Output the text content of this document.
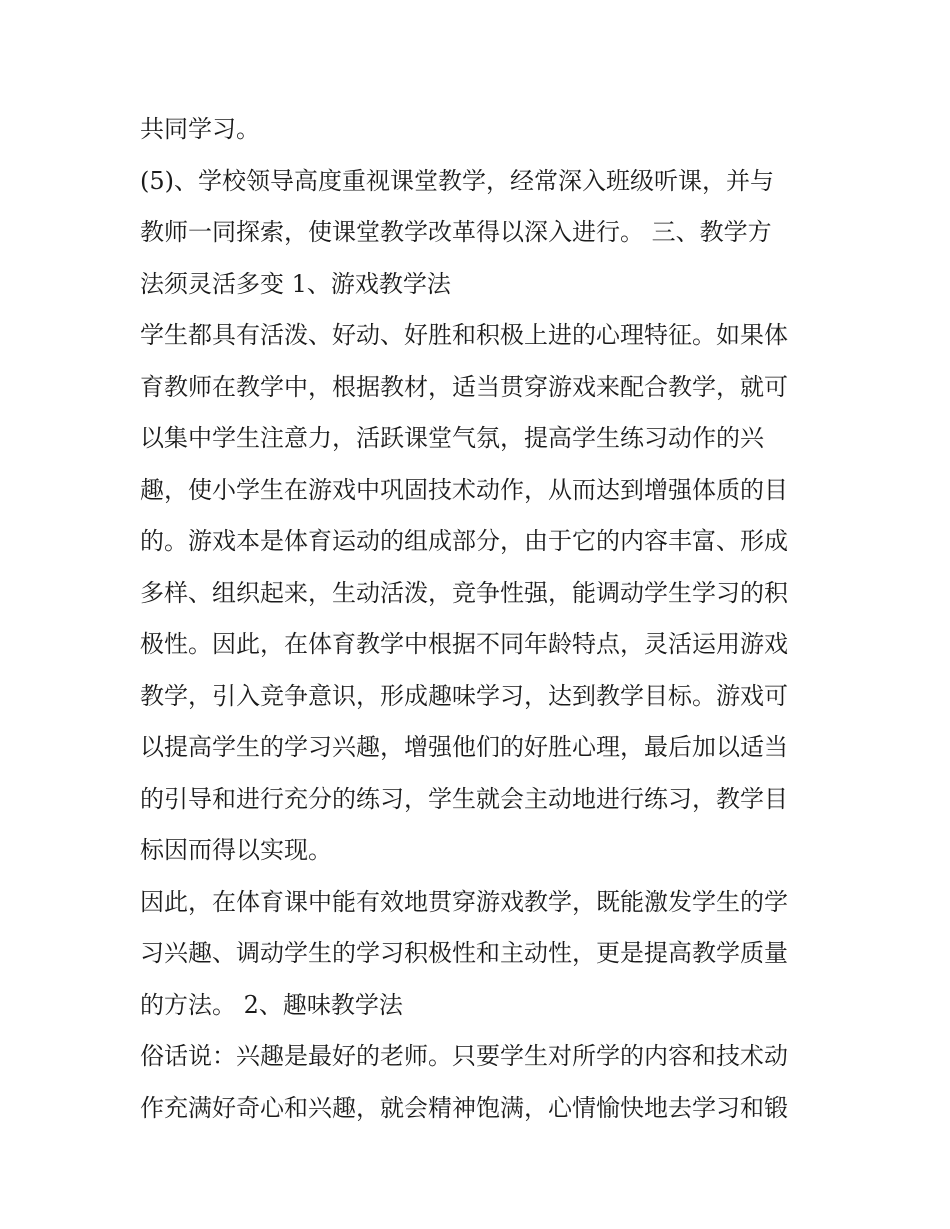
共同学习。
(5)、学校领导高度重视课堂教学，经常深入班级听课，并与
教师一同探索，使课堂教学改革得以深入进行。 三、教学方
法须灵活多变 1、游戏教学法
学生都具有活泼、好动、好胜和积极上进的心理特征。如果体
育教师在教学中，根据教材，适当贯穿游戏来配合教学，就可
以集中学生注意力，活跃课堂气氛，提高学生练习动作的兴
趣，使小学生在游戏中巩固技术动作，从而达到增强体质的目
的。游戏本是体育运动的组成部分，由于它的内容丰富、形成
多样、组织起来，生动活泼，竞争性强，能调动学生学习的积
极性。因此，在体育教学中根据不同年龄特点，灵活运用游戏
教学，引入竞争意识，形成趣味学习，达到教学目标。游戏可
以提高学生的学习兴趣，增强他们的好胜心理，最后加以适当
的引导和进行充分的练习，学生就会主动地进行练习，教学目
标因而得以实现。
因此，在体育课中能有效地贯穿游戏教学，既能激发学生的学
习兴趣、调动学生的学习积极性和主动性，更是提高教学质量
的方法。 2、趣味教学法
俗话说：兴趣是最好的老师。只要学生对所学的内容和技术动
作充满好奇心和兴趣，就会精神饱满，心情愉快地去学习和锻
